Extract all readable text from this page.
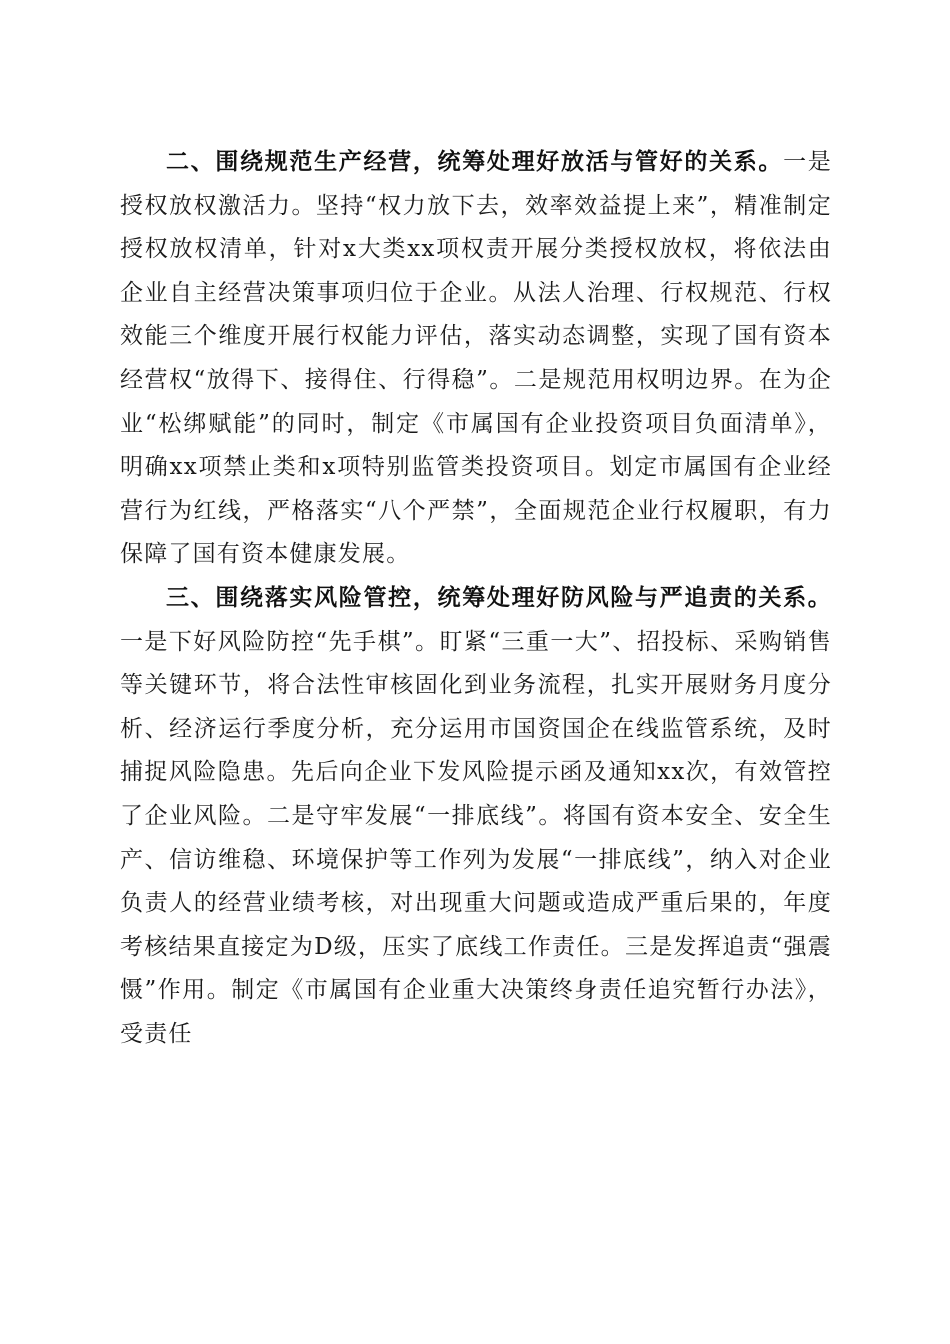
二、围绕规范生产经营，统筹处理好放活与管好的关系。一是授权放权激活力。坚持“权力放下去，效率效益提上来”，精准制定授权放权清单，针对x大类xx项权责开展分类授权放权，将依法由企业自主经营决策事项归位于企业。从法人治理、行权规范、行权效能三个维度开展行权能力评估，落实动态调整，实现了国有资本经营权“放得下、接得住、行得稳”。二是规范用权明边界。在为企业“松绑赋能”的同时，制定《市属国有企业投资项目负面清单》，明确xx项禁止类和x项特别监管类投资项目。划定市属国有企业经营行为红线，严格落实“八个严禁”，全面规范企业行权履职，有力保障了国有资本健康发展。

三、围绕落实风险管控，统筹处理好防风险与严追责的关系。一是下好风险防控“先手棋”。盯紧“三重一大”、招投标、采购销售等关键环节，将合法性审核固化到业务流程，扎实开展财务月度分析、经济运行季度分析，充分运用市国资国企在线监管系统，及时捕捉风险隐患。先后向企业下发风险提示函及通知xx次，有效管控了企业风险。二是守牢发展“一排底线”。将国有资本安全、安全生产、信访维稳、环境保护等工作列为发展“一排底线”，纳入对企业负责人的经营业绩考核，对出现重大问题或造成严重后果的，年度考核结果直接定为D级，压实了底线工作责任。三是发挥追责“强震慑”作用。制定《市属国有企业重大决策终身责任追究暂行办法》，受责任
